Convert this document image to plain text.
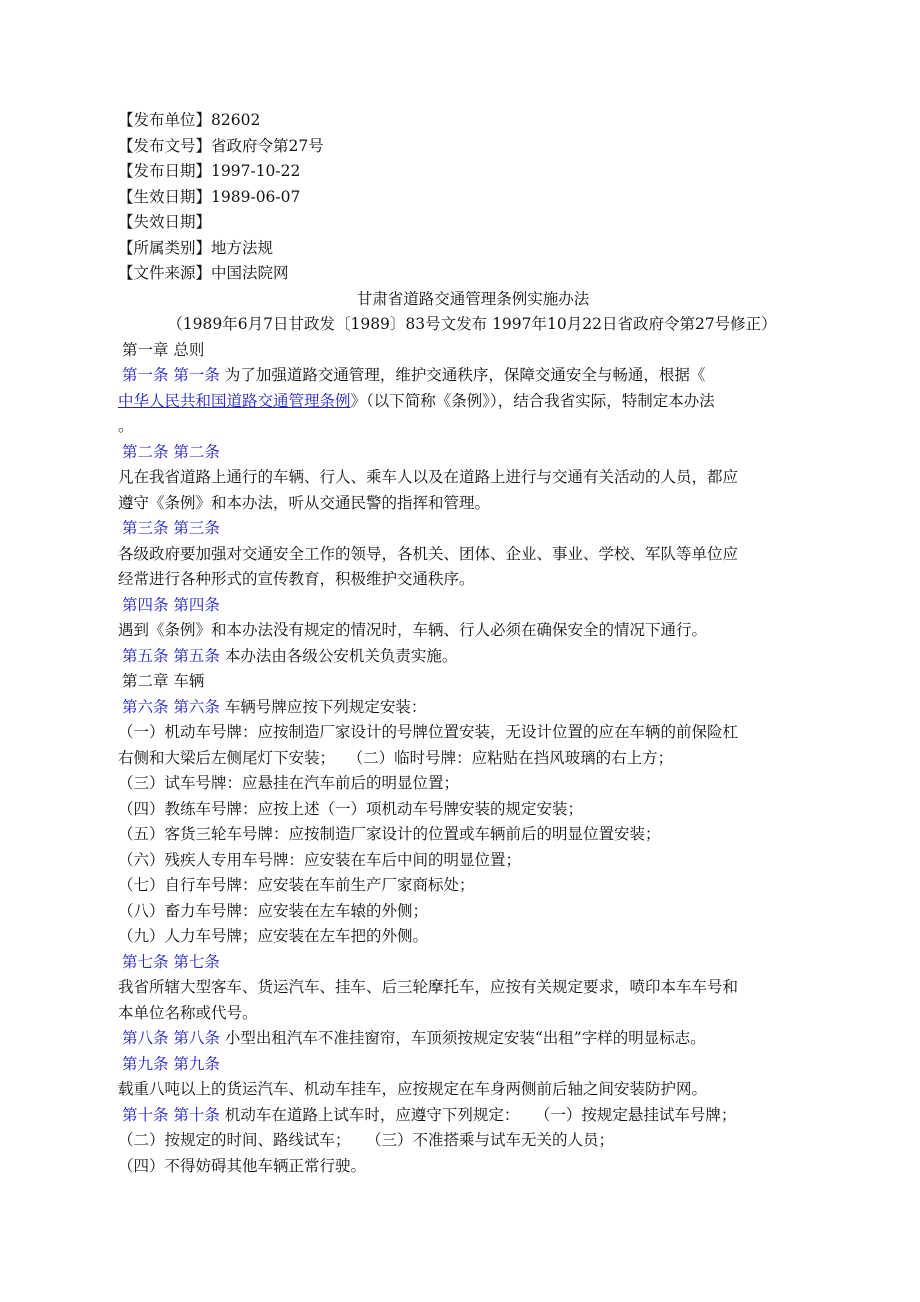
【发布单位】82602
【发布文号】省政府令第27号
【发布日期】1997-10-22
【生效日期】1989-06-07
【失效日期】
【所属类别】地方法规
【文件来源】中国法院网
甘肃省道路交通管理条例实施办法
（1989年6月7日甘政发〔1989〕83号文发布 1997年10月22日省政府令第27号修正）
第一章 总则
第一条 第一条 为了加强道路交通管理，维护交通秩序，保障交通安全与畅通，根据《
中华人民共和国道路交通管理条例》（以下简称《条例》），结合我省实际，特制定本办法
。
第二条 第二条
凡在我省道路上通行的车辆、行人、乘车人以及在道路上进行与交通有关活动的人员，都应
遵守《条例》和本办法，听从交通民警的指挥和管理。
第三条 第三条
各级政府要加强对交通安全工作的领导，各机关、团体、企业、事业、学校、军队等单位应
经常进行各种形式的宣传教育，积极维护交通秩序。
第四条 第四条
遇到《条例》和本办法没有规定的情况时，车辆、行人必须在确保安全的情况下通行。
第五条 第五条 本办法由各级公安机关负责实施。
第二章 车辆
第六条 第六条 车辆号牌应按下列规定安装：
（一）机动车号牌：应按制造厂家设计的号牌位置安装，无设计位置的应在车辆的前保险杠
右侧和大梁后左侧尾灯下安装；　 （二）临时号牌：应粘贴在挡风玻璃的右上方；
（三）试车号牌：应悬挂在汽车前后的明显位置；
（四）教练车号牌：应按上述（一）项机动车号牌安装的规定安装；
（五）客货三轮车号牌：应按制造厂家设计的位置或车辆前后的明显位置安装；
（六）残疾人专用车号牌：应安装在车后中间的明显位置；
（七）自行车号牌：应安装在车前生产厂家商标处；
（八）畜力车号牌：应安装在左车辕的外侧；
（九）人力车号牌；应安装在左车把的外侧。
第七条 第七条
我省所辖大型客车、货运汽车、挂车、后三轮摩托车，应按有关规定要求，喷印本车车号和
本单位名称或代号。
第八条 第八条 小型出租汽车不准挂窗帘，车顶须按规定安装“出租”字样的明显标志。
第九条 第九条
载重八吨以上的货运汽车、机动车挂车，应按规定在车身两侧前后轴之间安装防护网。
第十条 第十条 机动车在道路上试车时，应遵守下列规定：　　（一）按规定悬挂试车号牌；
（二）按规定的时间、路线试车；　　（三）不准搭乘与试车无关的人员；
（四）不得妨碍其他车辆正常行驶。
